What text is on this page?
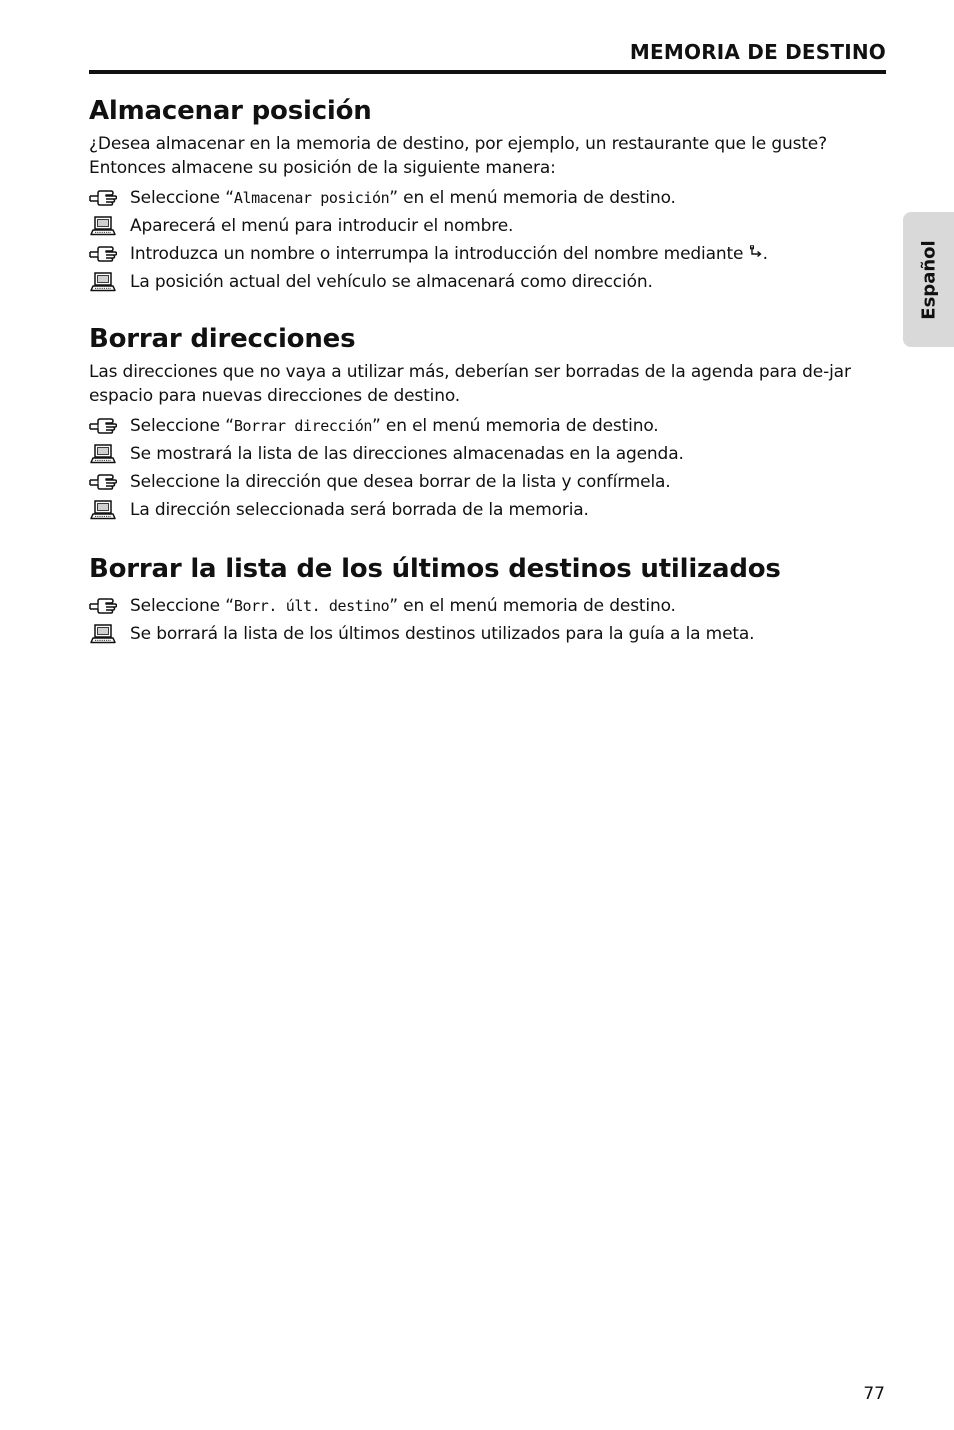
MEMORIA DE DESTINO
Español
Almacenar posición

¿Desea almacenar en la memoria de destino, por ejemplo, un restaurante que le guste? Entonces almacene su posición de la siguiente manera:

Seleccione “Almacenar posición” en el menú memoria de destino.
Aparecerá el menú para introducir el nombre.
Introduzca un nombre o interrumpa la introducción del nombre mediante .
La posición actual del vehículo se almacenará como dirección.
Borrar direcciones

Las direcciones que no vaya a utilizar más, deberían ser borradas de la agenda para de-jar espacio para nuevas direcciones de destino.

Seleccione “Borrar dirección” en el menú memoria de destino.
Se mostrará la lista de las direcciones almacenadas en la agenda.
Seleccione la dirección que desea borrar de la lista y confírmela.
La dirección seleccionada será borrada de la memoria.
Borrar la lista de los últimos destinos utilizados
Seleccione “Borr. últ. destino” en el menú memoria de destino.
Se borrará la lista de los últimos destinos utilizados para la guía a la meta.
77
